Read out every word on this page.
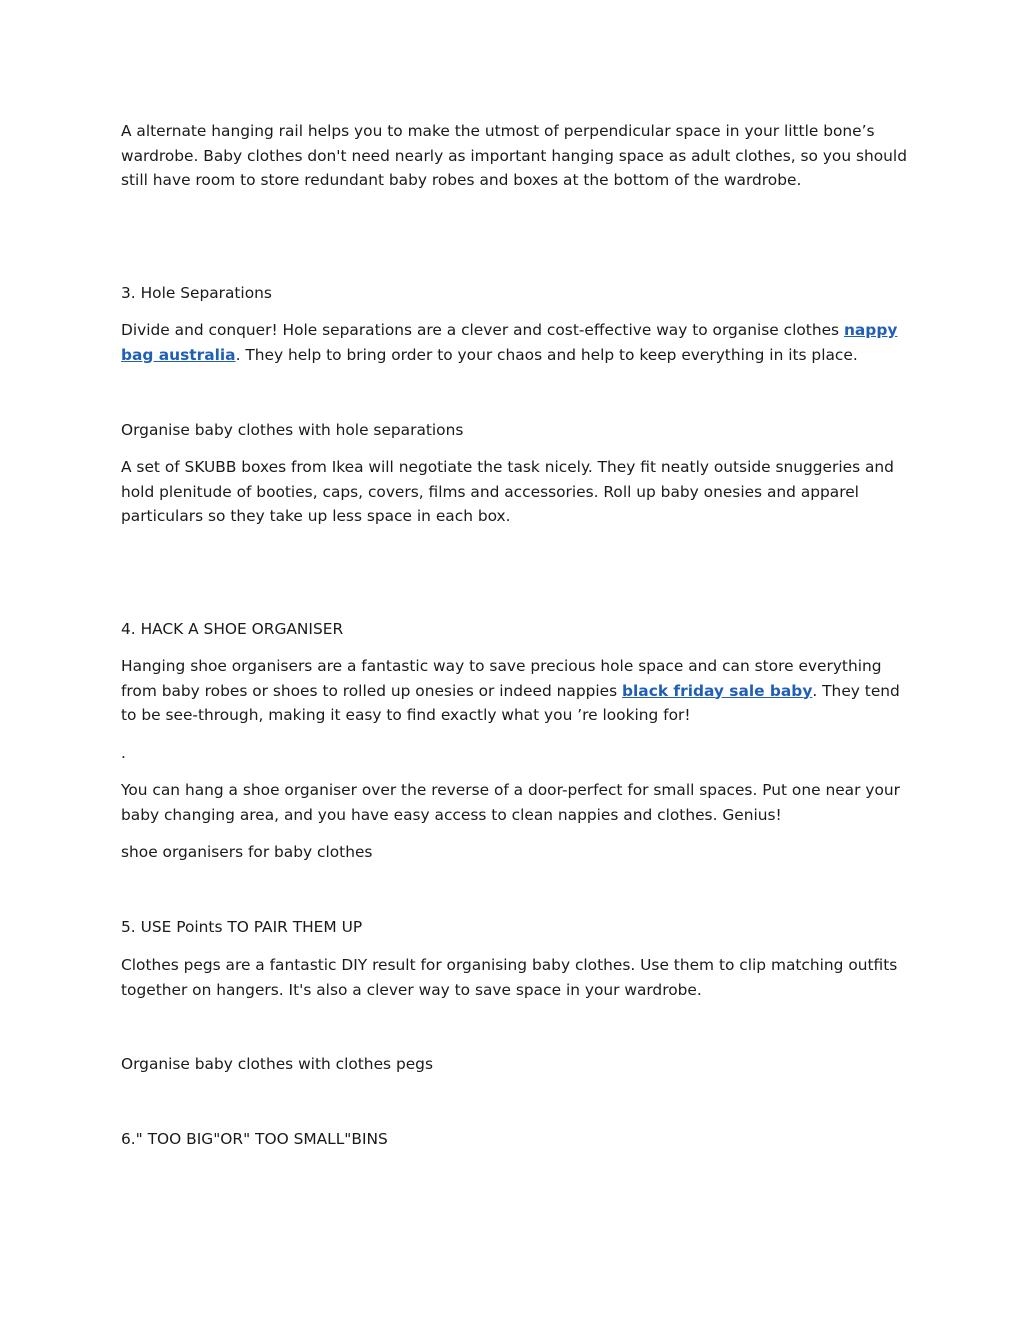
A alternate hanging rail helps you to make the utmost of perpendicular space in your little bone’s wardrobe. Baby clothes don't need nearly as important hanging space as adult clothes, so you should still have room to store redundant baby robes and boxes at the bottom of the wardrobe.

3. Hole Separations

Divide and conquer! Hole separations are a clever and cost-effective way to organise clothes nappy bag australia. They help to bring order to your chaos and help to keep everything in its place.

Organise baby clothes with hole separations

A set of SKUBB boxes from Ikea will negotiate the task nicely. They fit neatly outside snuggeries and hold plenitude of booties, caps, covers, films and accessories. Roll up baby onesies and apparel particulars so they take up less space in each box.

4. HACK A SHOE ORGANISER

Hanging shoe organisers are a fantastic way to save precious hole space and can store everything from baby robes or shoes to rolled up onesies or indeed nappies black friday sale baby. They tend to be see-through, making it easy to find exactly what you ’re looking for!

.

You can hang a shoe organiser over the reverse of a door-perfect for small spaces. Put one near your baby changing area, and you have easy access to clean nappies and clothes. Genius!

shoe organisers for baby clothes

5. USE Points TO PAIR THEM UP

Clothes pegs are a fantastic DIY result for organising baby clothes. Use them to clip matching outfits together on hangers. It's also a clever way to save space in your wardrobe.

Organise baby clothes with clothes pegs

6." TOO BIG"OR" TOO SMALL"BINS
